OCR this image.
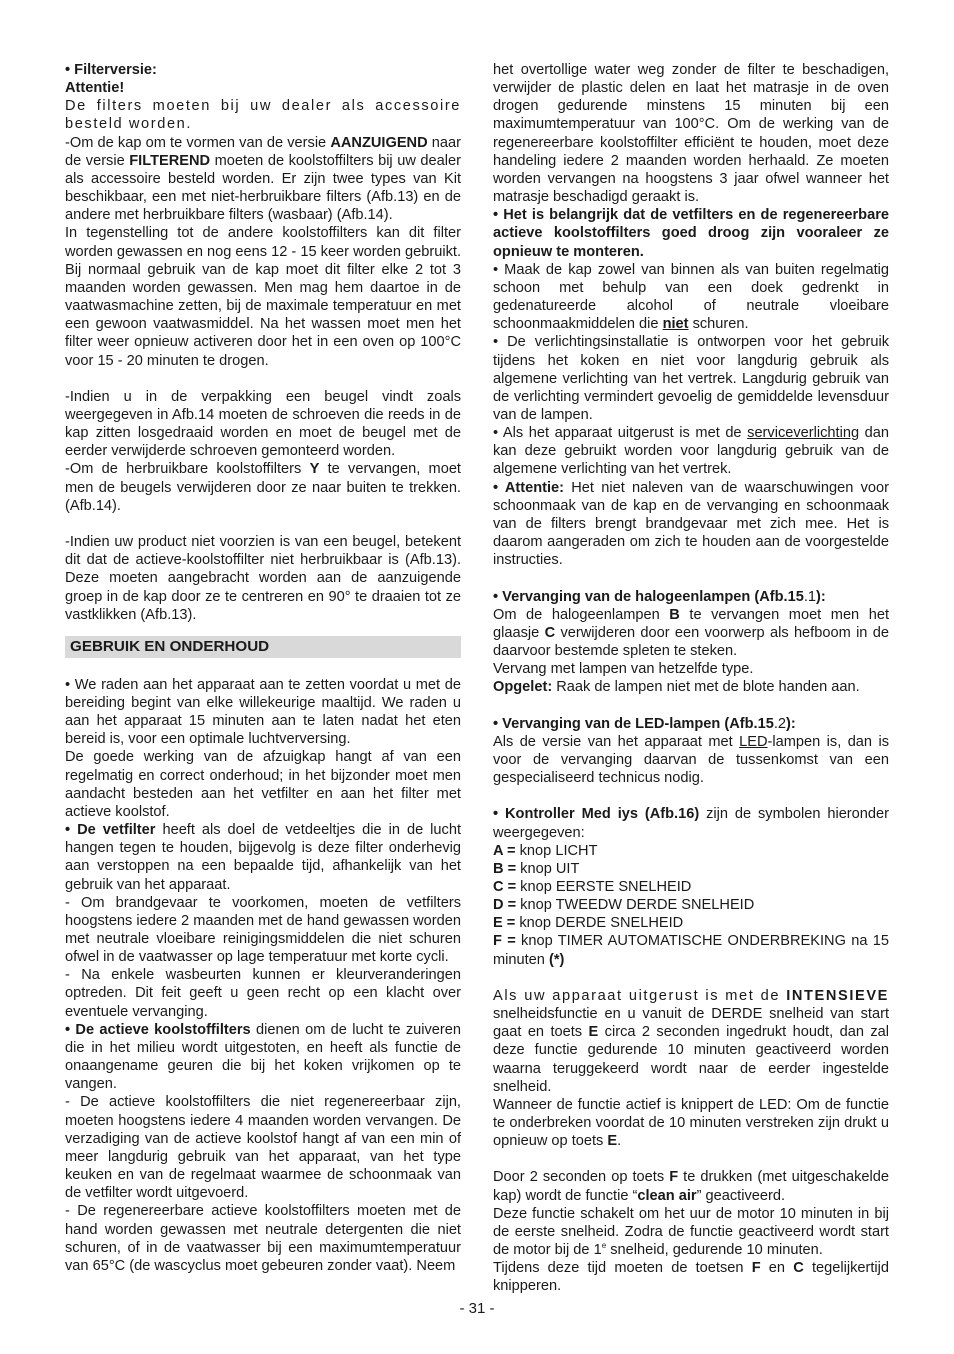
• Filterversie:

Attentie!

De filters moeten bij uw dealer als accessoire besteld worden.

-Om de kap om te vormen van de versie AANZUIGEND naar de versie FILTEREND moeten de koolstoffilters bij uw dealer als accessoire besteld worden. Er zijn twee types van Kit beschikbaar, een met niet-herbruikbare filters (Afb.13) en de andere met herbruikbare filters (wasbaar) (Afb.14).

In tegenstelling tot de andere koolstoffilters kan dit filter worden gewassen en nog eens 12 - 15 keer worden gebruikt. Bij normaal gebruik van de kap moet dit filter elke 2 tot 3 maanden worden gewassen. Men mag hem daartoe in de vaatwasmachine zetten, bij de maximale temperatuur en met een gewoon vaatwasmiddel. Na het wassen moet men het filter weer opnieuw activeren door het in een oven op 100°C voor 15 - 20 minuten te drogen.

-Indien u in de verpakking een beugel vindt zoals weergegeven in Afb.14 moeten de schroeven die reeds in de kap zitten losgedraaid worden en moet de beugel met de eerder verwijderde schroeven gemonteerd worden.

-Om de herbruikbare koolstoffilters Y te vervangen, moet men de beugels verwijderen door ze naar buiten te trekken. (Afb.14).

-Indien uw product niet voorzien is van een beugel, betekent dit dat de actieve-koolstoffilter niet herbruikbaar is (Afb.13). Deze moeten aangebracht worden aan de aanzuigende groep in de kap door ze te centreren en 90° te draaien tot ze vastklikken (Afb.13).

GEBRUIK EN ONDERHOUD

• We raden aan het apparaat aan te zetten voordat u met de bereiding begint van elke willekeurige maaltijd. We raden u aan het apparaat 15 minuten aan te laten nadat het eten bereid is, voor een optimale luchtverversing.

De goede werking van de afzuigkap hangt af van een regelmatig en correct onderhoud; in het bijzonder moet men aandacht besteden aan het vetfilter en aan het filter met actieve koolstof.

• De vetfilter heeft als doel de vetdeeltjes die in de lucht hangen tegen te houden, bijgevolg is deze filter onderhevig aan verstoppen na een bepaalde tijd, afhankelijk van het gebruik van het apparaat.

- Om brandgevaar te voorkomen, moeten de vetfilters hoogstens iedere 2 maanden met de hand gewassen worden met neutrale vloeibare reinigingsmiddelen die niet schuren ofwel in de vaatwasser op lage temperatuur met korte cycli.

- Na enkele wasbeurten kunnen er kleurveranderingen optreden. Dit feit geeft u geen recht op een klacht over eventuele vervanging.

• De actieve koolstoffilters dienen om de lucht te zuiveren die in het milieu wordt uitgestoten, en heeft als functie de onaangename geuren die bij het koken vrijkomen op te vangen.

- De actieve koolstoffilters die niet regenereerbaar zijn, moeten hoogstens iedere 4 maanden worden vervangen. De verzadiging van de actieve koolstof hangt af van een min of meer langdurig gebruik van het apparaat, van het type keuken en van de regelmaat waarmee de schoonmaak van de vetfilter wordt uitgevoerd.

- De regenereerbare actieve koolstoffilters moeten met de hand worden gewassen met neutrale detergenten die niet schuren, of in de vaatwasser bij een maximumtemperatuur van 65°C (de wascyclus moet gebeuren zonder vaat). Neem

het overtollige water weg zonder de filter te beschadigen, verwijder de plastic delen en laat het matrasje in de oven drogen gedurende minstens 15 minuten bij een maximumtemperatuur van 100°C. Om de werking van de regenereerbare koolstoffilter efficiënt te houden, moet deze handeling iedere 2 maanden worden herhaald. Ze moeten worden vervangen na hoogstens 3 jaar ofwel wanneer het matrasje beschadigd geraakt is.

• Het is belangrijk dat de vetfilters en de regenereerbare actieve koolstoffilters goed droog zijn vooraleer ze opnieuw te monteren.

• Maak de kap zowel van binnen als van buiten regelmatig schoon met behulp van een doek gedrenkt in gedenatureerde alcohol of neutrale vloeibare schoonmaakmiddelen die niet schuren.

• De verlichtingsinstallatie is ontworpen voor het gebruik tijdens het koken en niet voor langdurig gebruik als algemene verlichting van het vertrek. Langdurig gebruik van de verlichting vermindert gevoelig de gemiddelde levensduur van de lampen.

• Als het apparaat uitgerust is met de serviceverlichting dan kan deze gebruikt worden voor langdurig gebruik van de algemene verlichting van het vertrek.

• Attentie: Het niet naleven van de waarschuwingen voor schoonmaak van de kap en de vervanging en schoonmaak van de filters brengt brandgevaar met zich mee. Het is daarom aangeraden om zich te houden aan de voorgestelde instructies.

• Vervanging van de halogeenlampen (Afb.15.1):

Om de halogeenlampen B te vervangen moet men het glaasje C verwijderen door een voorwerp als hefboom in de daarvoor bestemde spleten te steken.

Vervang met lampen van hetzelfde type.

Opgelet: Raak de lampen niet met de blote handen aan.

• Vervanging van de LED-lampen (Afb.15.2):

Als de versie van het apparaat met LED-lampen is, dan is voor de vervanging daarvan de tussenkomst van een gespecialiseerd technicus nodig.

• Kontroller Med iys (Afb.16) zijn de symbolen hieronder weergegeven:

A = knop LICHT

B = knop UIT

C = knop EERSTE SNELHEID

D = knop TWEEDW DERDE SNELHEID

E = knop DERDE SNELHEID

F = knop TIMER AUTOMATISCHE ONDERBREKING na 15 minuten (*)

Als uw apparaat uitgerust is met de INTENSIEVE snelheidsfunctie en u vanuit de DERDE snelheid van start gaat en toets E circa 2 seconden ingedrukt houdt, dan zal deze functie gedurende 10 minuten geactiveerd worden waarna teruggekeerd wordt naar de eerder ingestelde snelheid.

Wanneer de functie actief is knippert de LED: Om de functie te onderbreken voordat de 10 minuten verstreken zijn drukt u opnieuw op toets E.

Door 2 seconden op toets F te drukken (met uitgeschakelde kap) wordt de functie “clean air” geactiveerd.

Deze functie schakelt om het uur de motor 10 minuten in bij de eerste snelheid. Zodra de functie geactiveerd wordt start de motor bij de 1e snelheid, gedurende 10 minuten.

Tijdens deze tijd moeten de toetsen F en C tegelijkertijd knipperen.

- 31 -
